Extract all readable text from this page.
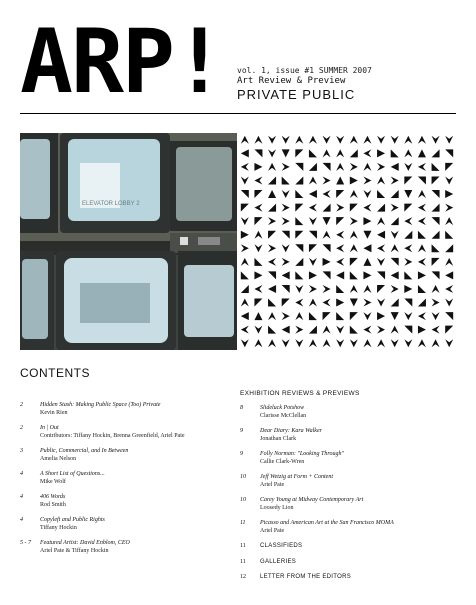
ARP! vol. 1, issue #1 SUMMER 2007
Art Review & Preview
PRIVATE PUBLIC
ELEVATOR LOBBY 2
CONTENTS
2	Hidden Stash: Making Public Space (Too) Private
Kevin Rien
2	In | Out
Contributors: Tiffany Hockin, Brenna Greenfield, Ariel Pate
3	Public, Commercial, and In Between
Amelia Nelson
4	A Short List of Questions...
Mike Wolf
4	406 Words
Rod Smith
4	Copyleft and Public Rights
Tiffany Hockin
5 - 7	Featured Artist: David Enblom, CEO
Ariel Pate & Tiffany Hockin
EXHIBITION REVIEWS & PREVIEWS
8	Slideluck Potshow
Clarisse McClellan
9	Dear Diary: Kara Walker
Jonathan Clark
9	Folly Norman: "Looking Through"
Callie Clark-Wren
10	Jeff Wetzig at Form + Content
Ariel Pate
10	Carey Young at Midway Contemporary Art
Loosedy Lion
11	Picasso and American Art at the San Francisco MOMA
Ariel Pate
11	CLASSIFIEDS
11	GALLERIES
12	LETTER FROM THE EDITORS
